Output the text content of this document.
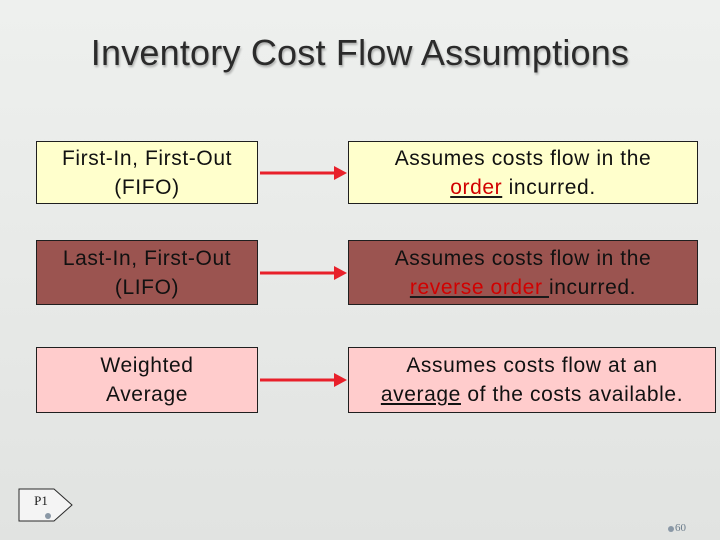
Inventory Cost Flow Assumptions
First-In, First-Out
(FIFO)
Assumes costs flow in the
order incurred.
Last-In, First-Out
(LIFO)
Assumes costs flow in the
reverse order incurred.
Weighted
Average
Assumes costs flow at an
average of the costs available.
P1
60
